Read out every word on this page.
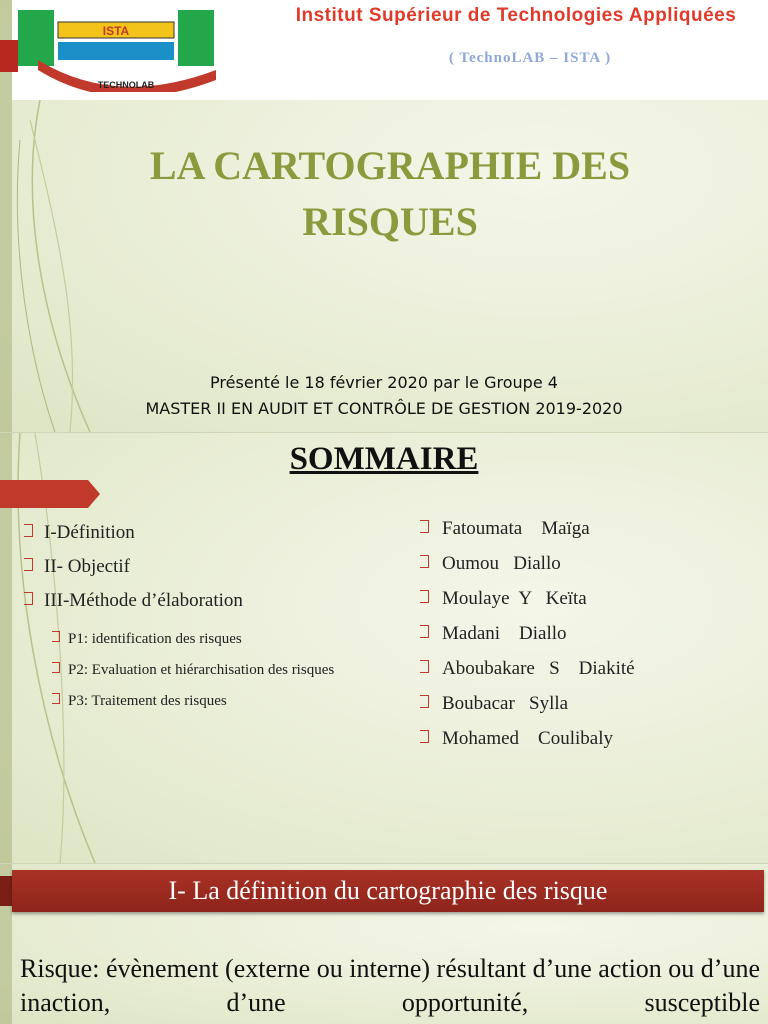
ISTA
TECHNOLAB
Institut Supérieur de Technologies Appliquées
( TechnoLAB – ISTA )
LA CARTOGRAPHIE DES RISQUES
Présenté le 18 février 2020 par le Groupe 4
MASTER II EN AUDIT ET CONTRÔLE DE GESTION 2019-2020
SOMMAIRE
I-Définition
II- Objectif
III-Méthode d’élaboration
P1: identification des risques
P2: Evaluation et hiérarchisation des risques
P3: Traitement des risques
Fatoumata    Maïga
Oumou   Diallo
Moulaye  Y   Keïta
Madani    Diallo
Aboubakare   S    Diakité
Boubacar   Sylla
Mohamed    Coulibaly
I- La définition du cartographie des risque
Risque: évènement (externe ou interne) résultant d’une action ou d’une inaction, d’une opportunité, susceptible
